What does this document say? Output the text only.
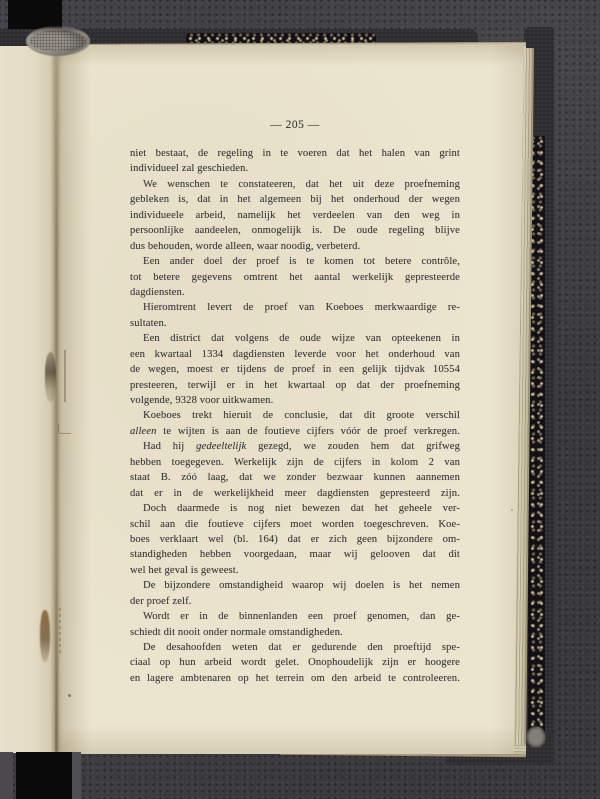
— 205 —
niet bestaat, de regeling in te voeren dat het halen van grint
individueel zal geschieden.
We wenschen te constateeren, dat het uit deze proefneming
gebleken is, dat in het algemeen bij het onderhoud der wegen
individueele arbeid, namelijk het verdeelen van den weg in
persoonlijke aandeelen, onmogelijk is. De oude regeling blijve
dus behouden, worde alleen, waar noodig, verbeterd.
Een ander doel der proef is te komen tot betere contrôle,
tot betere gegevens omtrent het aantal werkelijk gepresteerde
dagdiensten.
Hieromtrent levert de proef van Koeboes merkwaardige re-
sultaten.
Een district dat volgens de oude wijze van opteekenen in
een kwartaal 1334 dagdiensten leverde voor het onderhoud van
de wegen, moest er tijdens de proef in een gelijk tijdvak 10554
presteeren, terwijl er in het kwartaal op dat der proefneming
volgende, 9328 voor uitkwamen.
Koeboes trekt hieruit de conclusie, dat dit groote verschil
alleen te wijten is aan de foutieve cijfers vóór de proef verkregen.
Had hij gedeeltelijk gezegd, we zouden hem dat grifweg
hebben toegegeven. Werkelijk zijn de cijfers in kolom 2 van
staat B. zóó laag, dat we zonder bezwaar kunnen aannemen
dat er in de werkelijkheid meer dagdiensten gepresteerd zijn.
Doch daarmede is nog niet bewezen dat het geheele ver-
schil aan die foutieve cijfers moet worden toegeschreven. Koe-
boes verklaart wel (bl. 164) dat er zich geen bijzondere om-
standigheden hebben voorgedaan, maar wij gelooven dat dit
wel het geval is geweest.
De bijzondere omstandigheid waarop wij doelen is het nemen
der proef zelf.
Wordt er in de binnenlanden een proef genomen, dan ge-
schiedt dit nooit onder normale omstandigheden.
De desahoofden weten dat er gedurende den proeftijd spe-
ciaal op hun arbeid wordt gelet. Onophoudelijk zijn er hoogere
en lagere ambtenaren op het terrein om den arbeid te controleeren.
